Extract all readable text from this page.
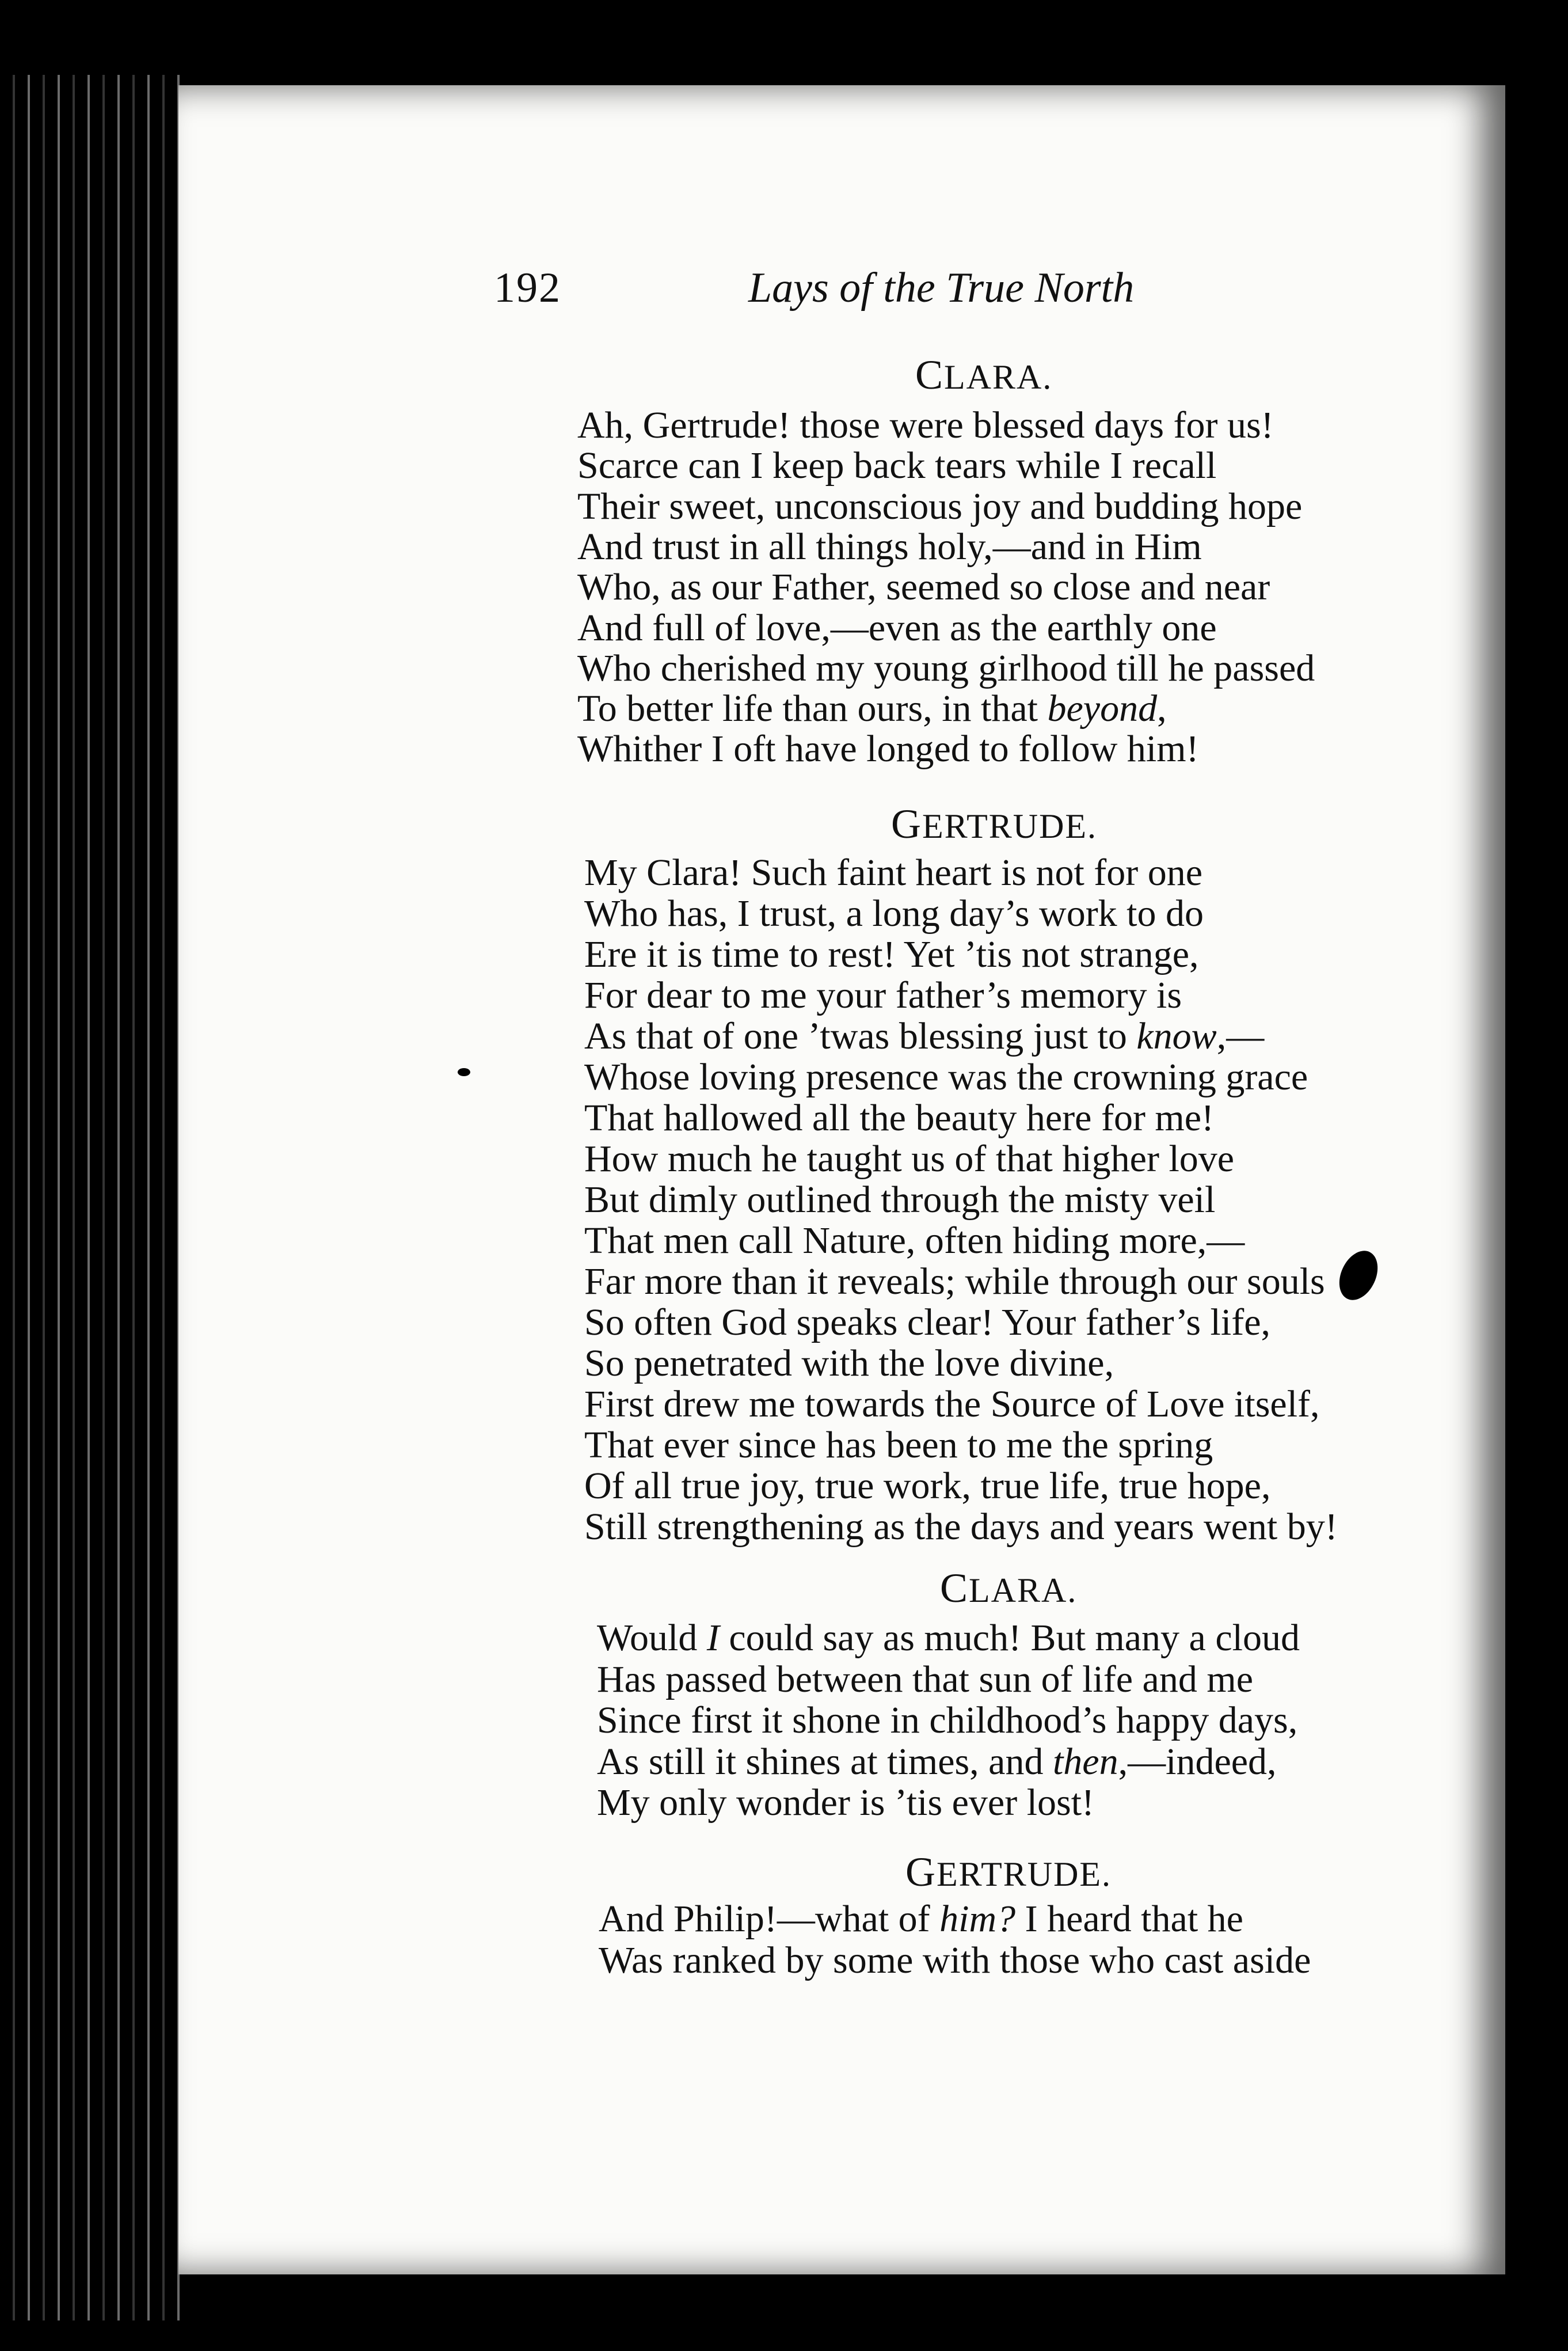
192	Lays of the True North
CLARA.
Ah, Gertrude! those were blessed days for us!
Scarce can I keep back tears while I recall
Their sweet, unconscious joy and budding hope
And trust in all things holy,—and in Him
Who, as our Father, seemed so close and near
And full of love,—even as the earthly one
Who cherished my young girlhood till he passed
To better life than ours, in that beyond,
Whither I oft have longed to follow him!
GERTRUDE.
My Clara! Such faint heart is not for one
Who has, I trust, a long day’s work to do
Ere it is time to rest! Yet ’tis not strange,
For dear to me your father’s memory is
As that of one ’twas blessing just to know,—
Whose loving presence was the crowning grace
That hallowed all the beauty here for me!
How much he taught us of that higher love
But dimly outlined through the misty veil
That men call Nature, often hiding more,—
Far more than it reveals; while through our souls
So often God speaks clear! Your father’s life,
So penetrated with the love divine,
First drew me towards the Source of Love itself,
That ever since has been to me the spring
Of all true joy, true work, true life, true hope,
Still strengthening as the days and years went by!
CLARA.
Would I could say as much! But many a cloud
Has passed between that sun of life and me
Since first it shone in childhood’s happy days,
As still it shines at times, and then,—indeed,
My only wonder is ’tis ever lost!
GERTRUDE.
And Philip!—what of him? I heard that he
Was ranked by some with those who cast aside
